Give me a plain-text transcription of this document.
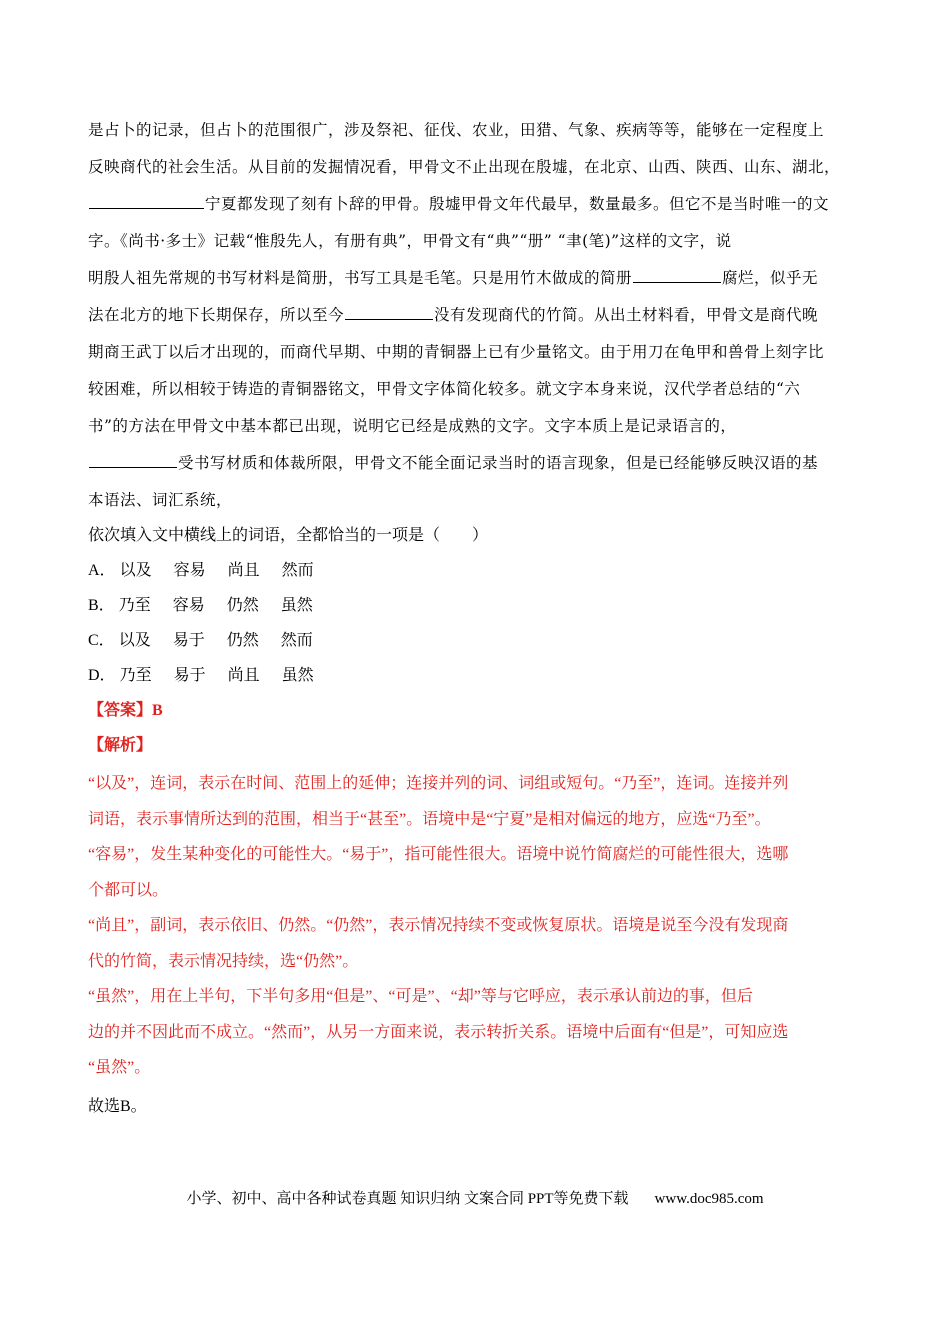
是占卜的记录，但占卜的范围很广，涉及祭祀、征伐、农业，田猎、气象、疾病等等，能够在一定程度上

反映商代的社会生活。从目前的发掘情况看，甲骨文不止出现在殷墟，在北京、山西、陕西、山东、湖北，

宁夏都发现了刻有卜辞的甲骨。殷墟甲骨文年代最早，数量最多。但它不是当时唯一的文

字。《尚书·多士》记载“惟殷先人，有册有典”，甲骨文有“典”“册” “聿(笔)”这样的文字，说

明殷人祖先常规的书写材料是简册，书写工具是毛笔。只是用竹木做成的简册	腐烂，似乎无

法在北方的地下长期保存，所以至今	没有发现商代的竹简。从出土材料看，甲骨文是商代晚

期商王武丁以后才出现的，而商代早期、中期的青铜器上已有少量铭文。由于用刀在龟甲和兽骨上刻字比

较困难，所以相较于铸造的青铜器铭文，甲骨文字体简化较多。就文字本身来说，汉代学者总结的“六

书”的方法在甲骨文中基本都已出现，说明它已经是成熟的文字。文字本质上是记录语言的，

受书写材质和体裁所限，甲骨文不能全面记录当时的语言现象，但是已经能够反映汉语的基

本语法、词汇系统，

依次填入文中横线上的词语，全都恰当的一项是（　　）
A． 以及 容易 尚且 然而
B． 乃至 容易 仍然 虽然
C． 以及 易于 仍然 然而
D． 乃至 易于 尚且 虽然
【答案】B
【解析】
“以及”，连词，表示在时间、范围上的延伸；连接并列的词、词组或短句。“乃至”，连词。连接并列
词语，表示事情所达到的范围，相当于“甚至”。语境中是“宁夏”是相对偏远的地方，应选“乃至”。
“容易”，发生某种变化的可能性大。“易于”，指可能性很大。语境中说竹简腐烂的可能性很大，选哪
个都可以。
“尚且”，副词，表示依旧、仍然。“仍然”，表示情况持续不变或恢复原状。语境是说至今没有发现商
代的竹简，表示情况持续，选“仍然”。
“虽然”，用在上半句，下半句多用“但是”、“可是”、“却”等与它呼应，表示承认前边的事，但后
边的并不因此而不成立。“然而”，从另一方面来说，表示转折关系。语境中后面有“但是”，可知应选
“虽然”。
故选B。
小学、初中、高中各种试卷真题 知识归纳 文案合同 PPT等免费下载 www.doc985.com
